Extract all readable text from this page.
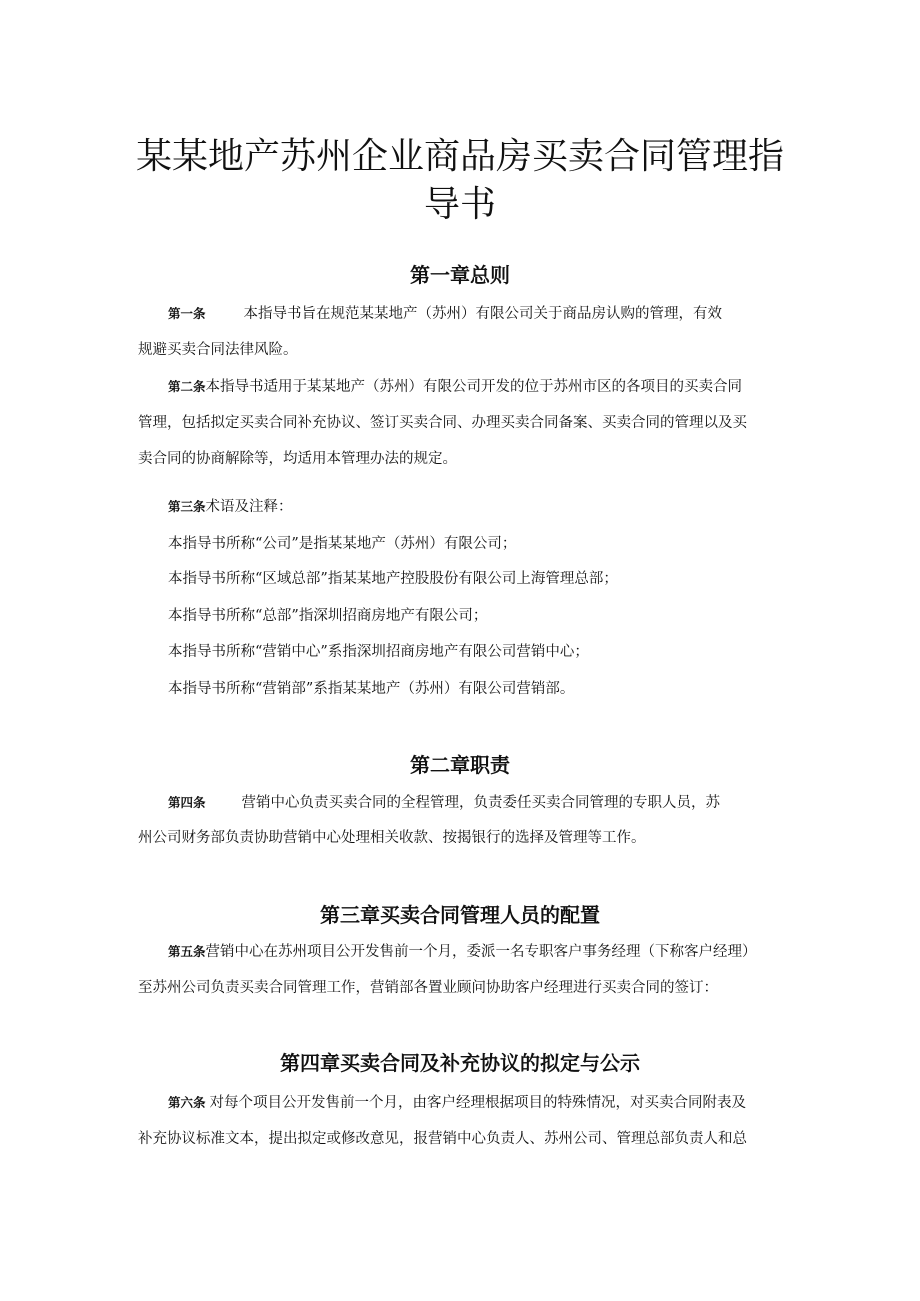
某某地产苏州企业商品房买卖合同管理指
导书
第一章总则

第一条	本指导书旨在规范某某地产（苏州）有限公司关于商品房认购的管理，有效

规避买卖合同法律风险。

第二条本指导书适用于某某地产（苏州）有限公司开发的位于苏州市区的各项目的买卖合同

管理，包括拟定买卖合同补充协议、签订买卖合同、办理买卖合同备案、买卖合同的管理以及买

卖合同的协商解除等，均适用本管理办法的规定。

第三条术语及注释：

本指导书所称“公司”是指某某地产（苏州）有限公司；

本指导书所称“区域总部”指某某地产控股股份有限公司上海管理总部；

本指导书所称“总部”指深圳招商房地产有限公司；

本指导书所称“营销中心”系指深圳招商房地产有限公司营销中心；

本指导书所称“营销部”系指某某地产（苏州）有限公司营销部。

第二章职责

第四条 营销中心负责买卖合同的全程管理，负责委任买卖合同管理的专职人员，苏

州公司财务部负责协助营销中心处理相关收款、按揭银行的选择及管理等工作。

第三章买卖合同管理人员的配置

第五条营销中心在苏州项目公开发售前一个月，委派一名专职客户事务经理（下称客户经理）

至苏州公司负责买卖合同管理工作，营销部各置业顾问协助客户经理进行买卖合同的签订：

第四章买卖合同及补充协议的拟定与公示

第六条 对每个项目公开发售前一个月，由客户经理根据项目的特殊情况，对买卖合同附表及

补充协议标准文本，提出拟定或修改意见，报营销中心负责人、苏州公司、管理总部负责人和总
